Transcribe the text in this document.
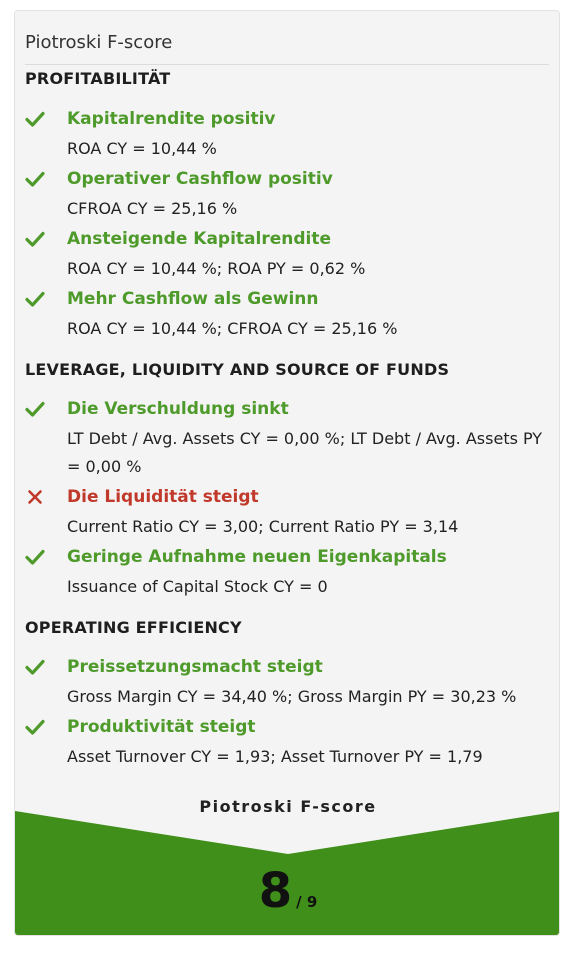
Piotroski F-score
PROFITABILITÄT
Kapitalrendite positiv
ROA CY = 10,44 %
Operativer Cashflow positiv
CFROA CY = 25,16 %
Ansteigende Kapitalrendite
ROA CY = 10,44 %; ROA PY = 0,62 %
Mehr Cashflow als Gewinn
ROA CY = 10,44 %; CFROA CY = 25,16 %
LEVERAGE, LIQUIDITY AND SOURCE OF FUNDS
Die Verschuldung sinkt
LT Debt / Avg. Assets CY = 0,00 %; LT Debt / Avg. Assets PY = 0,00 %
Die Liquidität steigt
Current Ratio CY = 3,00; Current Ratio PY = 3,14
Geringe Aufnahme neuen Eigenkapitals
Issuance of Capital Stock CY = 0
OPERATING EFFICIENCY
Preissetzungsmacht steigt
Gross Margin CY = 34,40 %; Gross Margin PY = 30,23 %
Produktivität steigt
Asset Turnover CY = 1,93; Asset Turnover PY = 1,79
Piotroski F-score
8 / 9
